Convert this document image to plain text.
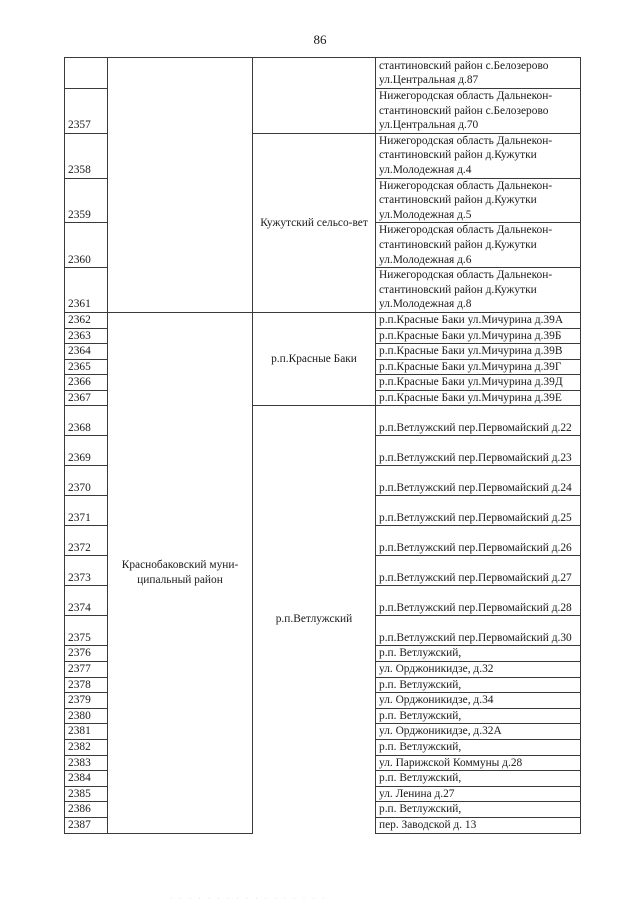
86
			стантиновский район с.Белозерово ул.Центральная д.87
2357			Нижегородская область Дальнекон-стантиновский район с.Белозерово ул.Центральная д.70
2358		Кужутский сельсо-вет	Нижегородская область Дальнекон-стантиновский район д.Кужутки ул.Молодежная д.4
2359			Нижегородская область Дальнекон-стантиновский район д.Кужутки ул.Молодежная д.5
2360			Нижегородская область Дальнекон-стантиновский район д.Кужутки ул.Молодежная д.6
2361			Нижегородская область Дальнекон-стантиновский район д.Кужутки ул.Молодежная д.8
2362	Краснобаковский муни-ципальный район	р.п.Красные Баки	р.п.Красные Баки ул.Мичурина д.39А
2363			р.п.Красные Баки ул.Мичурина д.39Б
2364			р.п.Красные Баки ул.Мичурина д.39В
2365			р.п.Красные Баки ул.Мичурина д.39Г
2366			р.п.Красные Баки ул.Мичурина д.39Д
2367			р.п.Красные Баки ул.Мичурина д.39Е
2368		р.п.Ветлужский	р.п.Ветлужский пер.Первомайский д.22
2369			р.п.Ветлужский пер.Первомайский д.23
2370			р.п.Ветлужский пер.Первомайский д.24
2371			р.п.Ветлужский пер.Первомайский д.25
2372			р.п.Ветлужский пер.Первомайский д.26
2373			р.п.Ветлужский пер.Первомайский д.27
2374			р.п.Ветлужский пер.Первомайский д.28
2375			р.п.Ветлужский пер.Первомайский д.30
2376			р.п. Ветлужский,
2377			ул. Орджоникидзе, д.32
2378			р.п. Ветлужский,
2379			ул. Орджоникидзе, д.34
2380			р.п. Ветлужский,
2381			ул. Орджоникидзе, д.32А
2382			р.п. Ветлужский,
2383			ул. Парижской Коммуны д.28
2384			р.п. Ветлужский,
2385			ул. Ленина д.27
2386			р.п. Ветлужский,
2387			пер. Заводской д. 13
· · · · · · · · · · · · · · · · ·
